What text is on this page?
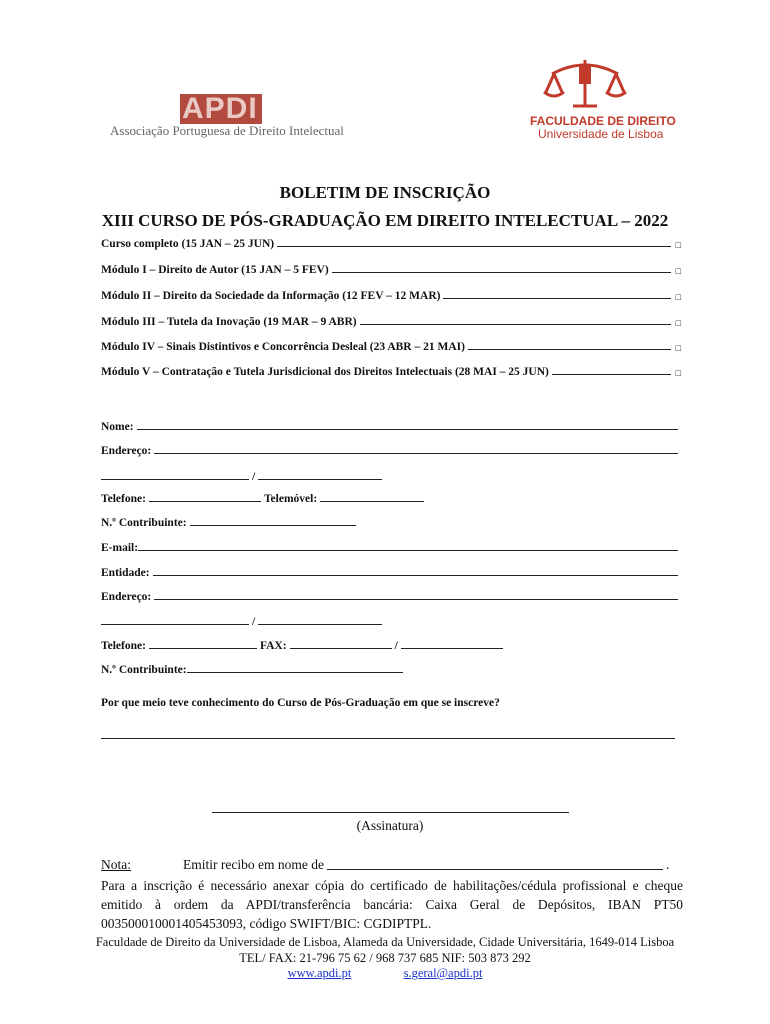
APDI
Associação Portuguesa de Direito Intelectual
FACULDADE DE DIREITO
Universidade de Lisboa
BOLETIM DE INSCRIÇÃO
XIII CURSO DE PÓS-GRADUAÇÃO EM DIREITO INTELECTUAL – 2022
Curso completo (15 JAN – 25 JUN)	□
Módulo I – Direito de Autor (15 JAN – 5 FEV)	□
Módulo II – Direito da Sociedade da Informação (12 FEV – 12 MAR)	□
Módulo III – Tutela da Inovação (19 MAR – 9 ABR)	□
Módulo IV – Sinais Distintivos e Concorrência Desleal (23 ABR – 21 MAI)	□
Módulo V – Contratação e Tutela Jurisdicional dos Direitos Intelectuais (28 MAI – 25 JUN)	□
Nome:
Endereço:
/
Telefone:	Telemóvel:
N.º Contribuinte:
E-mail:
Entidade:
Endereço:
/
Telefone:	FAX:	/
N.º Contribuinte:
Por que meio teve conhecimento do Curso de Pós-Graduação em que se inscreve?
(Assinatura)
Nota:	Emitir recibo em nome de	.
Para a inscrição é necessário anexar cópia do certificado de habilitações/cédula profissional e cheque
emitido à ordem da APDI/transferência bancária: Caixa Geral de Depósitos, IBAN PT50
003500010001405453093, código SWIFT/BIC: CGDIPTPL.
Faculdade de Direito da Universidade de Lisboa, Alameda da Universidade, Cidade Universitária, 1649-014 Lisboa
TEL/ FAX: 21-796 75 62 / 968 737 685 NIF: 503 873 292
www.apdi.pt	s.geral@apdi.pt
